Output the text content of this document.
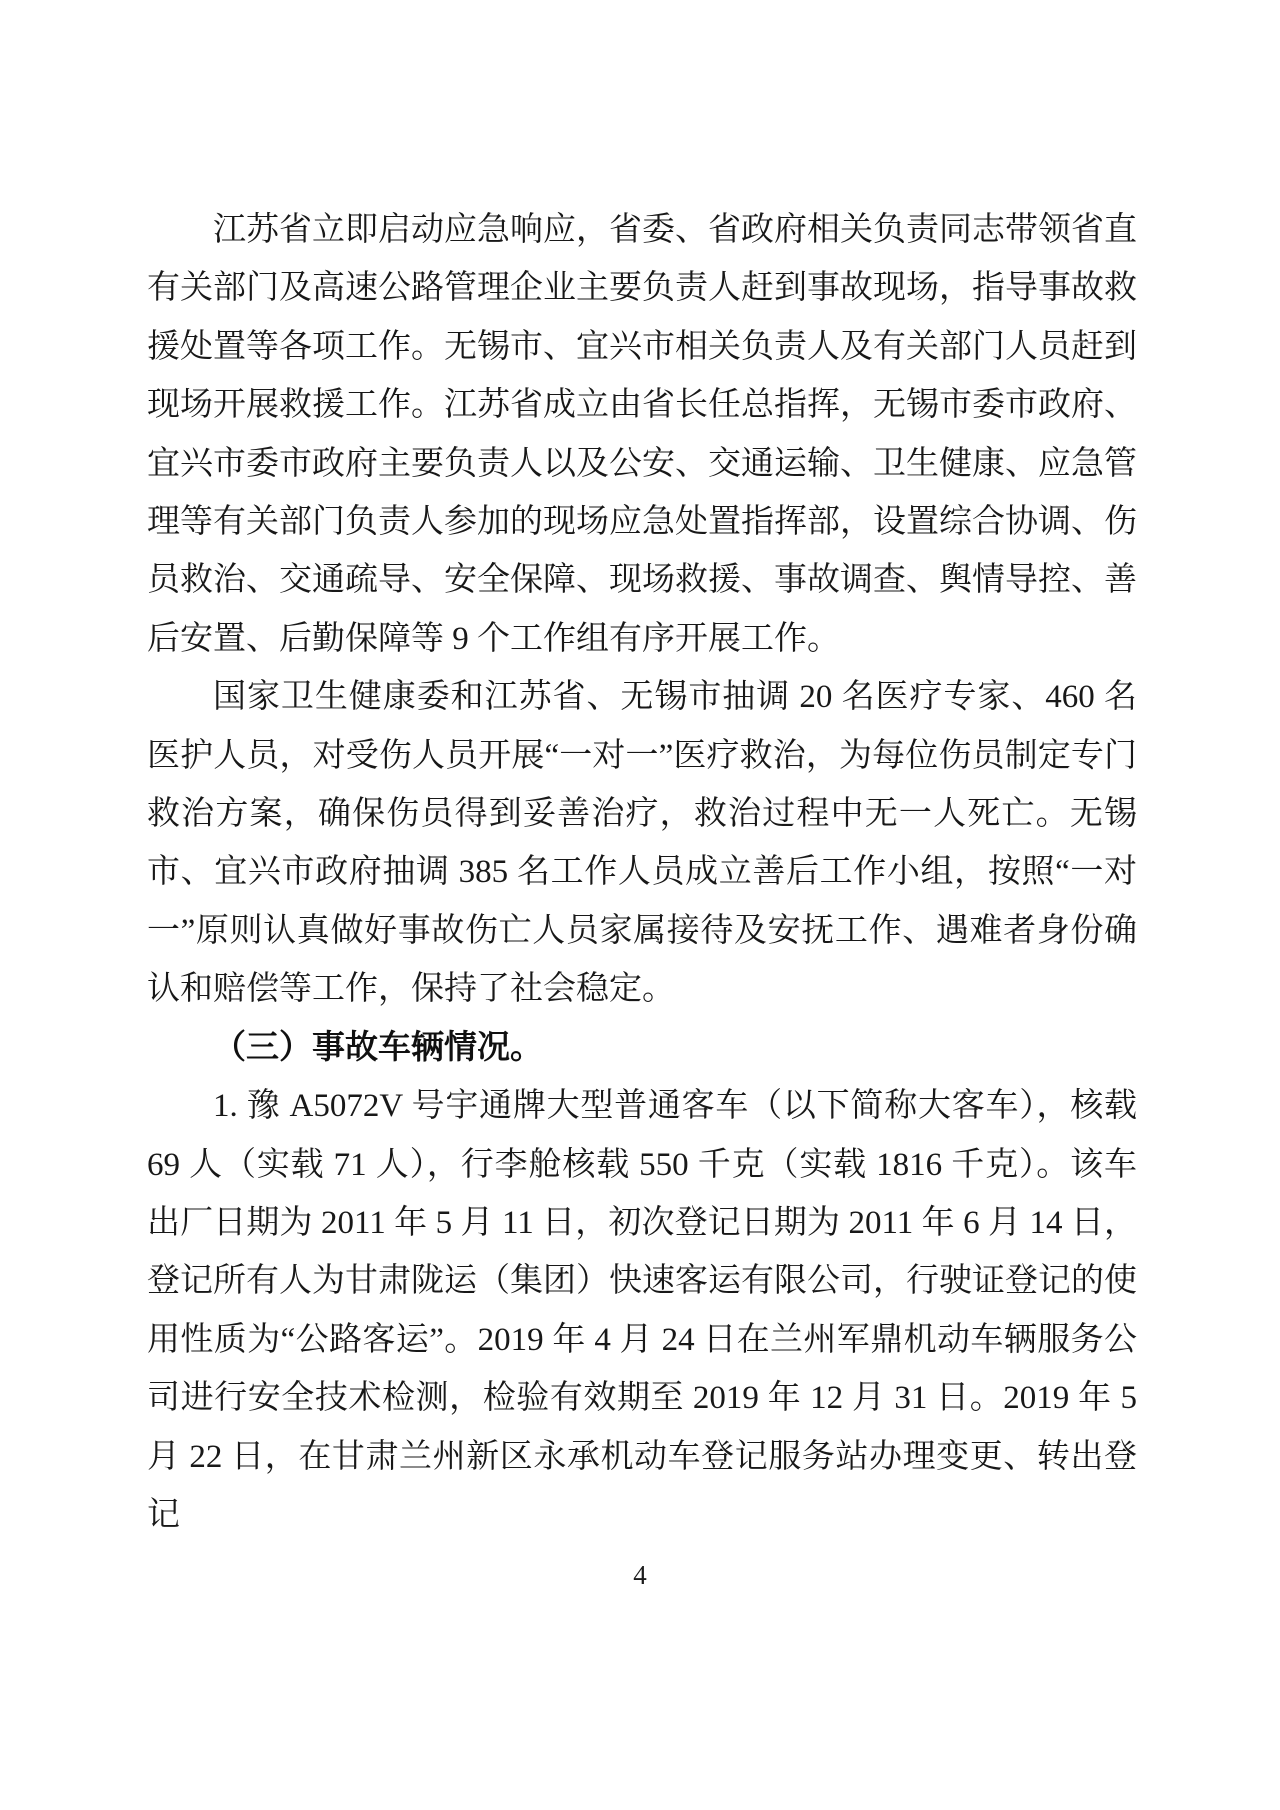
江苏省立即启动应急响应，省委、省政府相关负责同志带领省直有关部门及高速公路管理企业主要负责人赶到事故现场，指导事故救援处置等各项工作。无锡市、宜兴市相关负责人及有关部门人员赶到现场开展救援工作。江苏省成立由省长任总指挥，无锡市委市政府、宜兴市委市政府主要负责人以及公安、交通运输、卫生健康、应急管理等有关部门负责人参加的现场应急处置指挥部，设置综合协调、伤员救治、交通疏导、安全保障、现场救援、事故调查、舆情导控、善后安置、后勤保障等 9 个工作组有序开展工作。

国家卫生健康委和江苏省、无锡市抽调 20 名医疗专家、460 名医护人员，对受伤人员开展“一对一”医疗救治，为每位伤员制定专门救治方案，确保伤员得到妥善治疗，救治过程中无一人死亡。无锡市、宜兴市政府抽调 385 名工作人员成立善后工作小组，按照“一对一”原则认真做好事故伤亡人员家属接待及安抚工作、遇难者身份确认和赔偿等工作，保持了社会稳定。

（三）事故车辆情况。

1. 豫 A5072V 号宇通牌大型普通客车（以下简称大客车），核载 69 人（实载 71 人），行李舱核载 550 千克（实载 1816 千克）。该车出厂日期为 2011 年 5 月 11 日，初次登记日期为 2011 年 6 月 14 日，登记所有人为甘肃陇运（集团）快速客运有限公司，行驶证登记的使用性质为“公路客运”。2019 年 4 月 24 日在兰州军鼎机动车辆服务公司进行安全技术检测，检验有效期至 2019 年 12 月 31 日。2019 年 5 月 22 日，在甘肃兰州新区永承机动车登记服务站办理变更、转出登记

4
